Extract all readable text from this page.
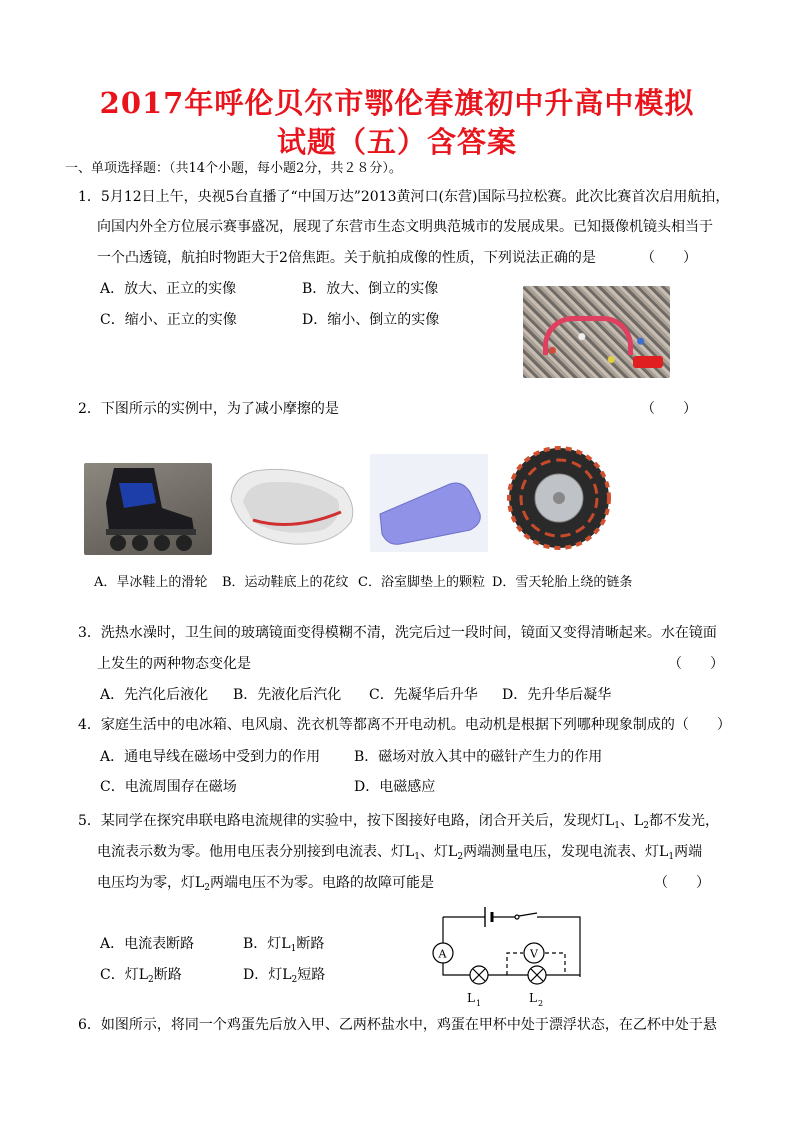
2017年呼伦贝尔市鄂伦春旗初中升高中模拟
试题（五）含答案
一、单项选择题：（共14个小题，每小题2分，共２８分）。
1．5月12日上午，央视5台直播了“中国万达”2013黄河口(东营)国际马拉松赛。此次比赛首次启用航拍，
向国内外全方位展示赛事盛况，展现了东营市生态文明典范城市的发展成果。已知摄像机镜头相当于
一个凸透镜，航拍时物距大于2倍焦距。关于航拍成像的性质，下列说法正确的是	（　　）
A．放大、正立的实像	B．放大、倒立的实像
C．缩小、正立的实像	D．缩小、倒立的实像
2．下图所示的实例中，为了减小摩擦的是	（　　）
A．旱冰鞋上的滑轮 B．运动鞋底上的花纹 C．浴室脚垫上的颗粒 D．雪天轮胎上绕的链条
3．洗热水澡时，卫生间的玻璃镜面变得模糊不清，洗完后过一段时间，镜面又变得清晰起来。水在镜面
上发生的两种物态变化是	（　　）
A．先汽化后液化 B．先液化后汽化 C．先凝华后升华 D．先升华后凝华
4．家庭生活中的电冰箱、电风扇、洗衣机等都离不开电动机。电动机是根据下列哪种现象制成的（　　）
A．通电导线在磁场中受到力的作用 B．磁场对放入其中的磁针产生力的作用
C．电流周围存在磁场	D．电磁感应
5．某同学在探究串联电路电流规律的实验中，按下图接好电路，闭合开关后，发现灯$L_1$、$L_2$都不发光，
电流表示数为零。他用电压表分别接到电流表、灯$L_1$、灯$L_2$两端测量电压，发现电流表、灯$L_1$两端
电压均为零，灯$L_2$两端电压不为零。电路的故障可能是	（　　）
A．电流表断路	B．灯$L_1$断路
C．灯$L_2$断路	D．灯$L_2$短路
A	V
L 1	L 2
6．如图所示，将同一个鸡蛋先后放入甲、乙两杯盐水中，鸡蛋在甲杯中处于漂浮状态，在乙杯中处于悬
